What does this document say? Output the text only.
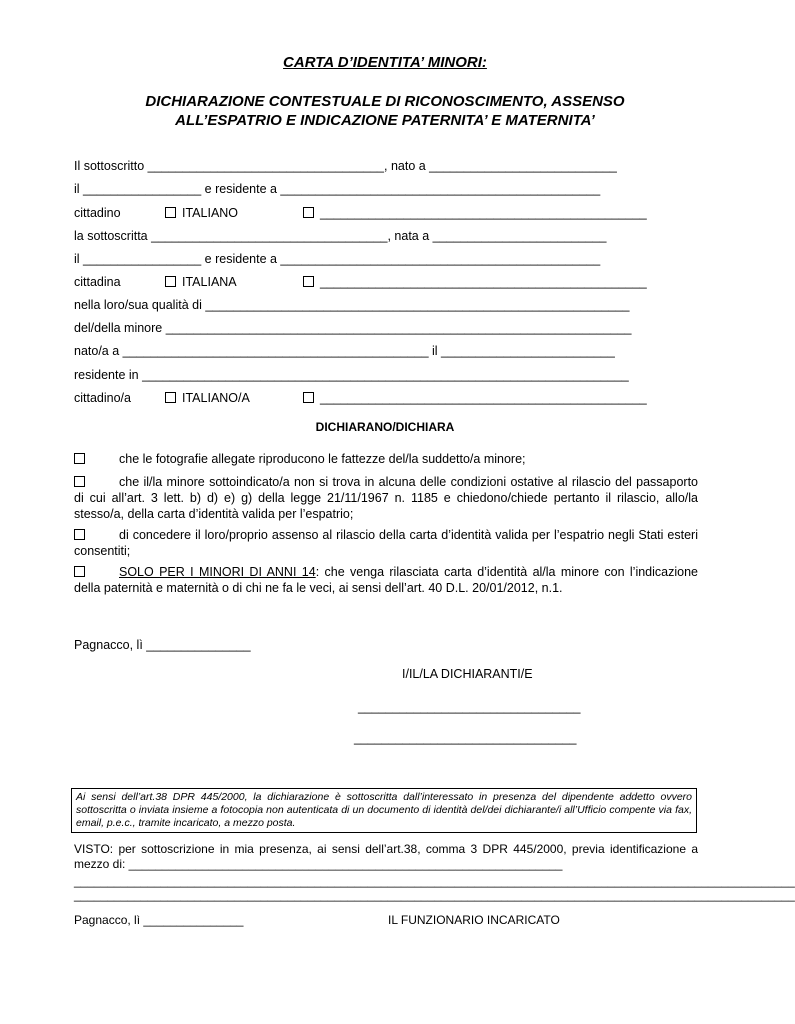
CARTA D’IDENTITA’ MINORI:
DICHIARAZIONE CONTESTUALE DI RICONOSCIMENTO, ASSENSO
ALL’ESPATRIO E INDICAZIONE PATERNITA’ E MATERNITA’
Il sottoscritto __________________________________, nato a ___________________________
il _________________ e residente a ______________________________________________
cittadino	ITALIANO	_______________________________________________
la sottoscritta __________________________________, nata a _________________________
il _________________ e residente a ______________________________________________
cittadina	ITALIANA	_______________________________________________
nella loro/sua qualità di _____________________________________________________________
del/della minore ___________________________________________________________________
nato/a a ____________________________________________ il _________________________
residente in ______________________________________________________________________
cittadino/a	ITALIANO/A	_______________________________________________
DICHIARANO/DICHIARA
che le fotografie allegate riproducono le fattezze del/la suddetto/a minore;
che il/la minore sottoindicato/a non si trova in alcuna delle condizioni ostative al rilascio del passaporto di cui all’art. 3 lett. b) d) e) g) della legge 21/11/1967 n. 1185 e chiedono/chiede pertanto il rilascio, allo/la stesso/a, della carta d’identità valida per l’espatrio;
di concedere il loro/proprio assenso al rilascio della carta d’identità valida per l’espatrio negli Stati esteri consentiti;
SOLO PER I MINORI DI ANNI 14: che venga rilasciata carta d’identità al/la minore con l’indicazione della paternità e maternità o di chi ne fa le veci, ai sensi dell’art. 40 D.L. 20/01/2012, n.1.
Pagnacco, lì _______________
I/IL/LA DICHIARANTI/E
________________________________
________________________________
Ai sensi dell’art.38 DPR 445/2000, la dichiarazione è sottoscritta dall’interessato in presenza del dipendente addetto ovvero sottoscritta o inviata insieme a fotocopia non autenticata di un documento di identità del/dei dichiarante/i all’Ufficio compente via fax, email, p.e.c., tramite incaricato, a mezzo posta.
VISTO: per sottoscrizione in mia presenza, ai sensi dell’art.38, comma 3 DPR 445/2000, previa identificazione a mezzo di: _________________________________________________________________
____________________________________________________________________________________________________________
____________________________________________________________________________________________________________
Pagnacco, lì _______________	IL FUNZIONARIO INCARICATO
